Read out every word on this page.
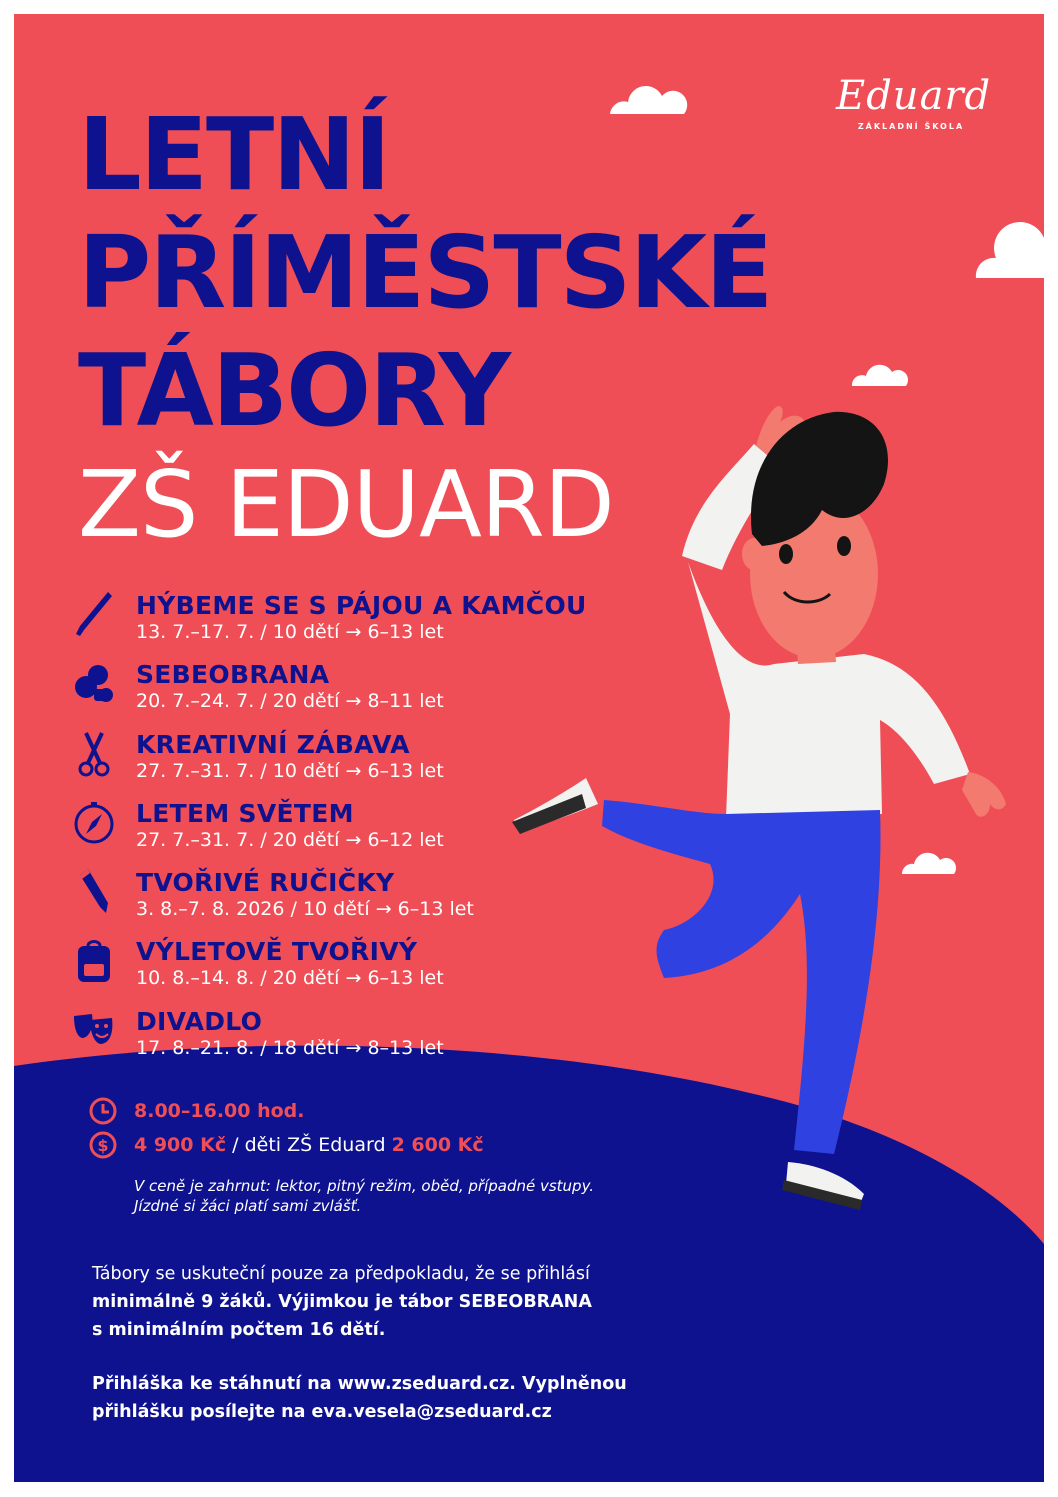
Eduard
ZÁKLADNÍ ŠKOLA
LETNÍ
PŘÍMĚSTSKÉ
TÁBORY
ZŠ EDUARD
HÝBEME SE S PÁJOU A KAMČOU
13. 7.–17. 7. / 10 dětí → 6–13 let
SEBEOBRANA
20. 7.–24. 7. / 20 dětí → 8–11 let
KREATIVNÍ ZÁBAVA
27. 7.–31. 7. / 10 dětí → 6–13 let
LETEM SVĚTEM
27. 7.–31. 7. / 20 dětí → 6–12 let
TVOŘIVÉ RUČIČKY
3. 8.–7. 8. 2026 / 10 dětí → 6–13 let
VÝLETOVĚ TVOŘIVÝ
10. 8.–14. 8. / 20 dětí → 6–13 let
DIVADLO
17. 8.–21. 8. / 18 dětí → 8–13 let
8.00–16.00 hod.
$ 4 900 Kč / děti ZŠ Eduard 2 600 Kč
V ceně je zahrnut: lektor, pitný režim, oběd, případné vstupy.
Jízdné si žáci platí sami zvlášť.

Tábory se uskuteční pouze za předpokladu, že se přihlásí
minimálně 9 žáků. Výjimkou je tábor SEBEOBRANA
s minimálním počtem 16 dětí.

Přihláška ke stáhnutí na www.zseduard.cz. Vyplněnou
přihlášku posílejte na eva.vesela@zseduard.cz
